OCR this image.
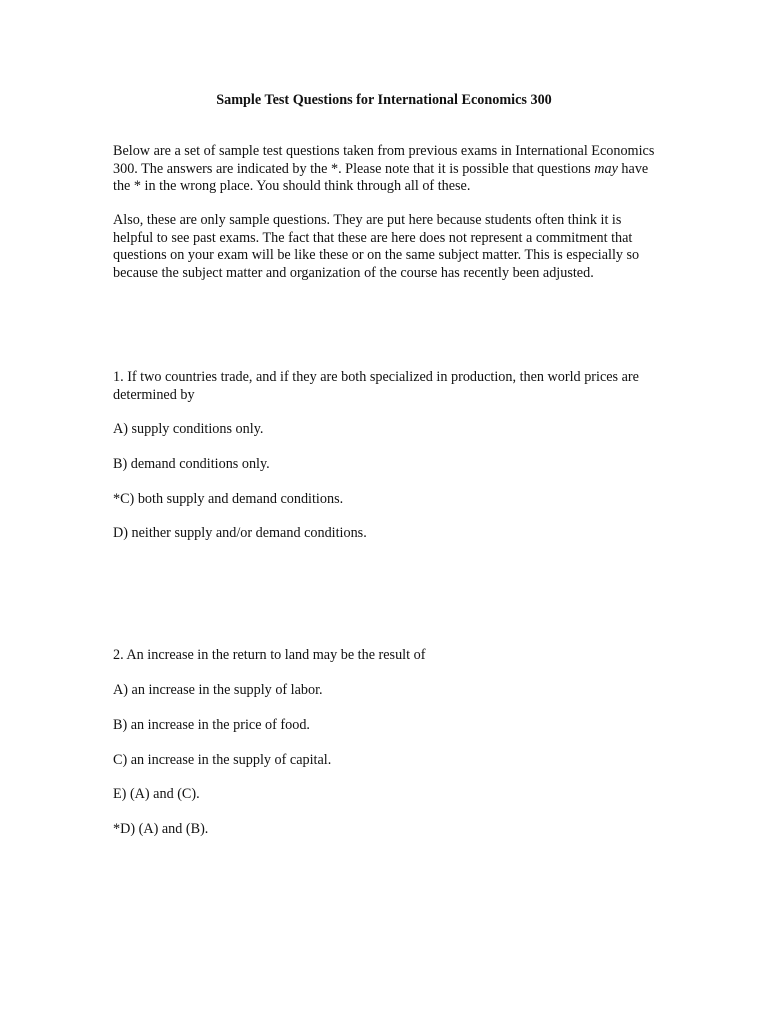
Sample Test Questions for International Economics 300

Below are a set of sample test questions taken from previous exams in International Economics 300. The answers are indicated by the *. Please note that it is possible that questions may have the * in the wrong place. You should think through all of these.

Also, these are only sample questions. They are put here because students often think it is helpful to see past exams. The fact that these are here does not represent a commitment that questions on your exam will be like these or on the same subject matter. This is especially so because the subject matter and organization of the course has recently been adjusted.

1. If two countries trade, and if they are both specialized in production, then world prices are determined by

A) supply conditions only.
B) demand conditions only.
*C) both supply and demand conditions.
D) neither supply and/or demand conditions.
2. An increase in the return to land may be the result of
A) an increase in the supply of labor.
B) an increase in the price of food.
C) an increase in the supply of capital.
E) (A) and (C).
*D) (A) and (B).
